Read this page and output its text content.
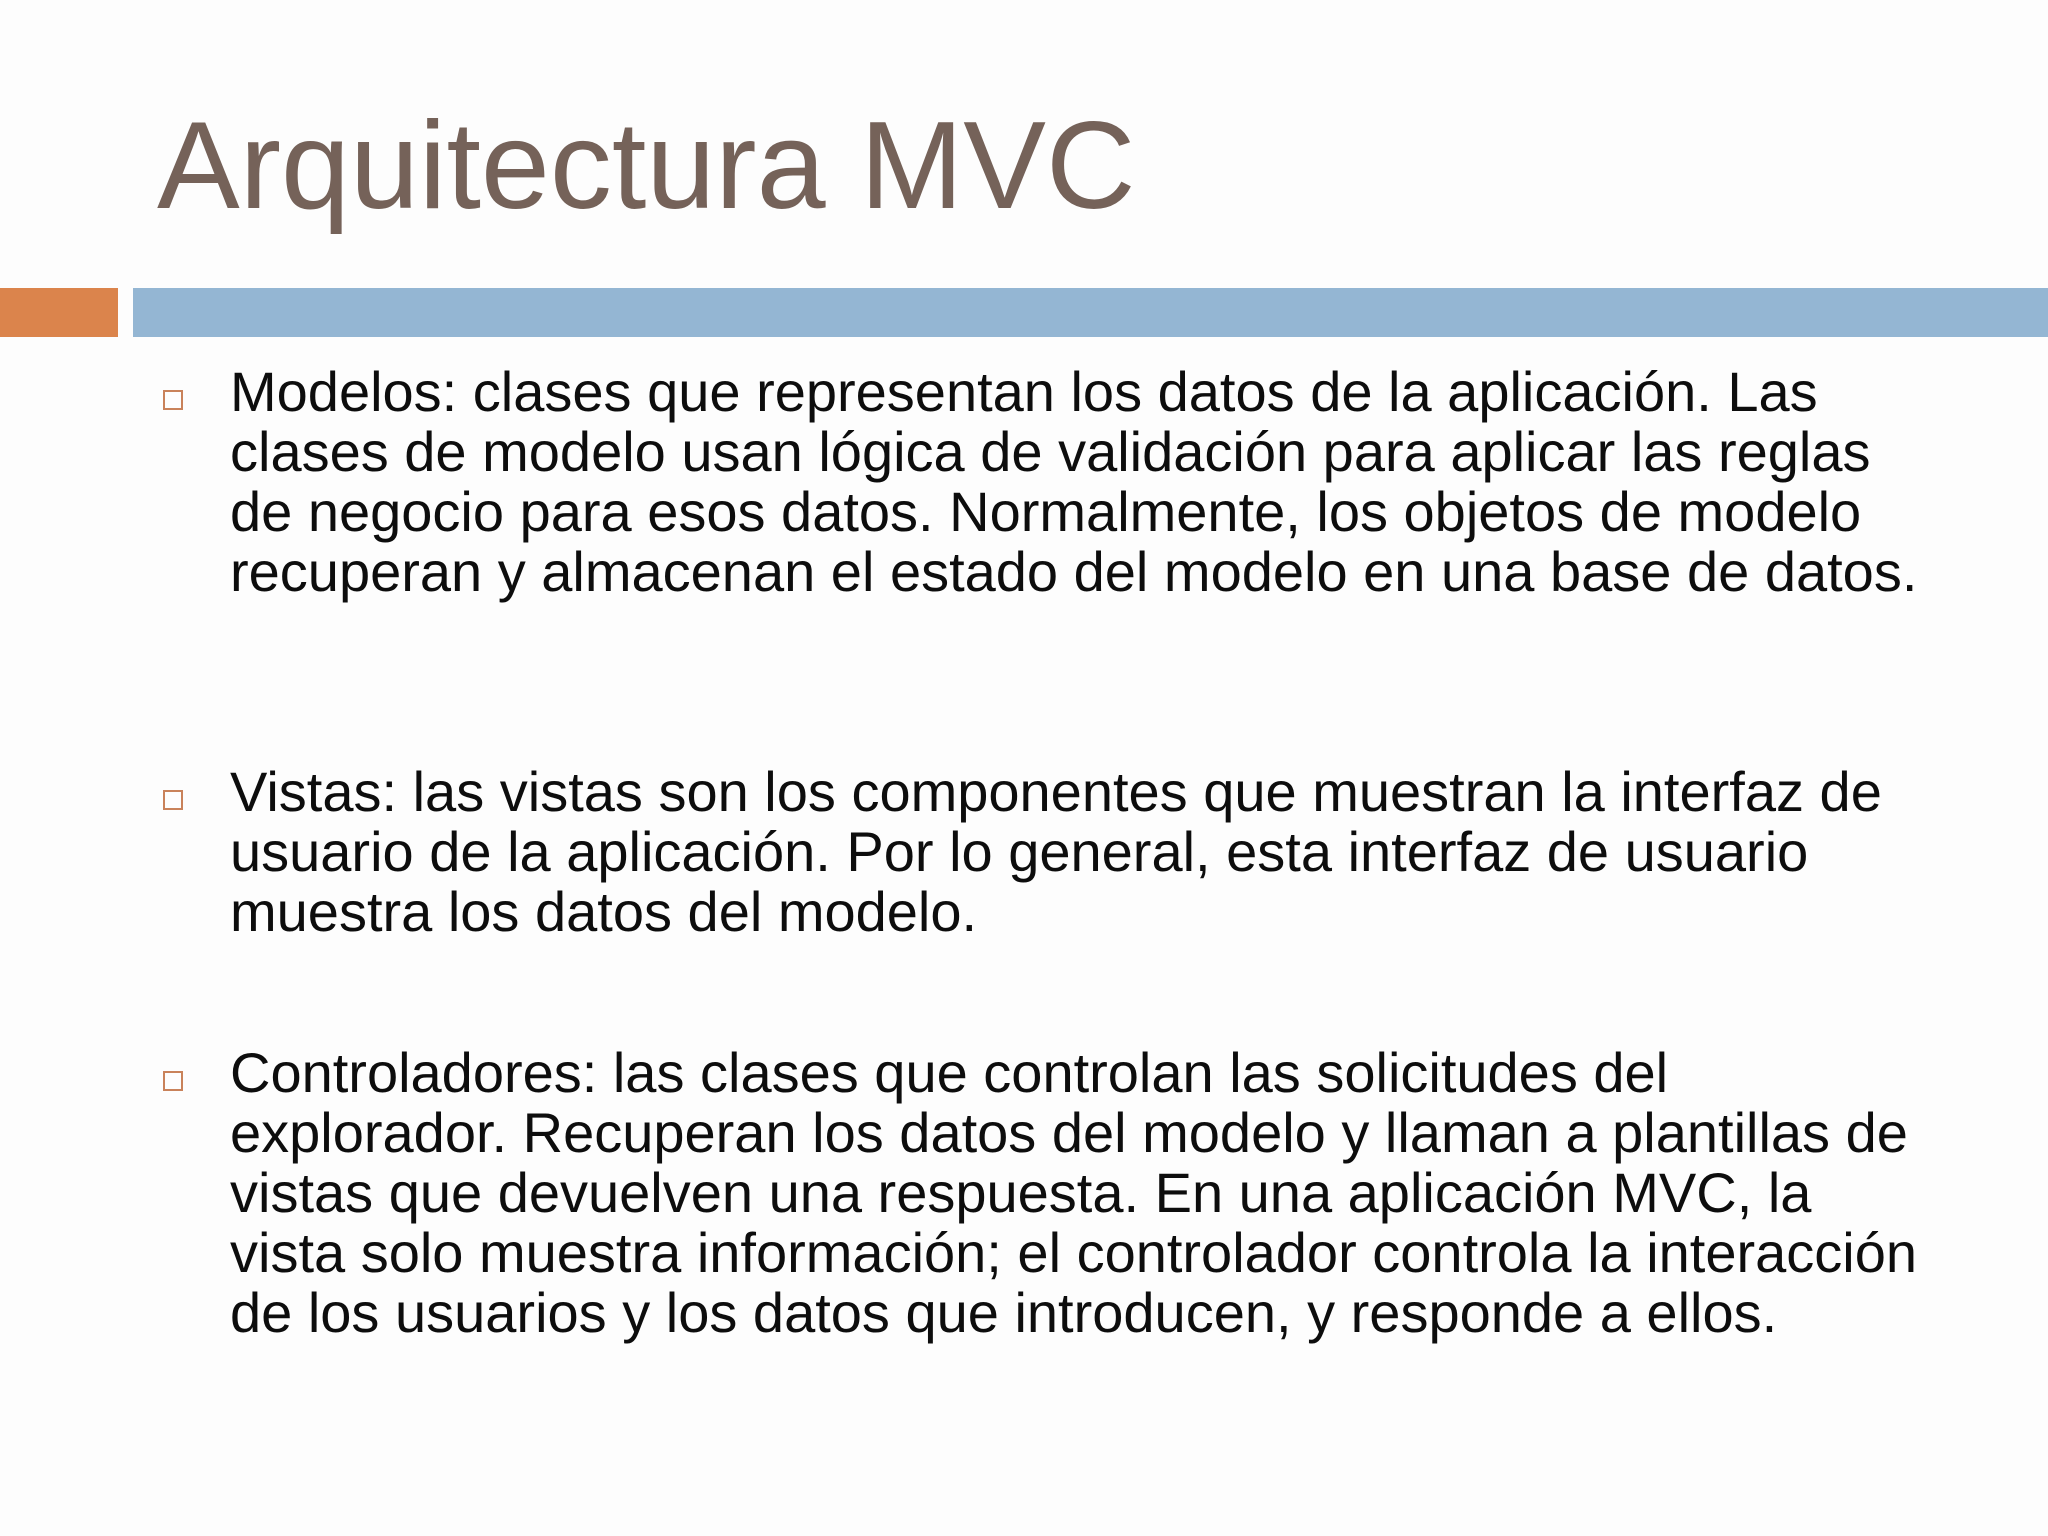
Arquitectura MVC

Modelos: clases que representan los datos de la aplicación. Las clases de modelo usan lógica de validación para aplicar las reglas de negocio para esos datos. Normalmente, los objetos de modelo recuperan y almacenan el estado del modelo en una base de datos.

Vistas: las vistas son los componentes que muestran la interfaz de usuario de la aplicación. Por lo general, esta interfaz de usuario muestra los datos del modelo.

Controladores: las clases que controlan las solicitudes del explorador. Recuperan los datos del modelo y llaman a plantillas de vistas que devuelven una respuesta. En una aplicación MVC, la vista solo muestra información; el controlador controla la interacción de los usuarios y los datos que introducen, y responde a ellos.
